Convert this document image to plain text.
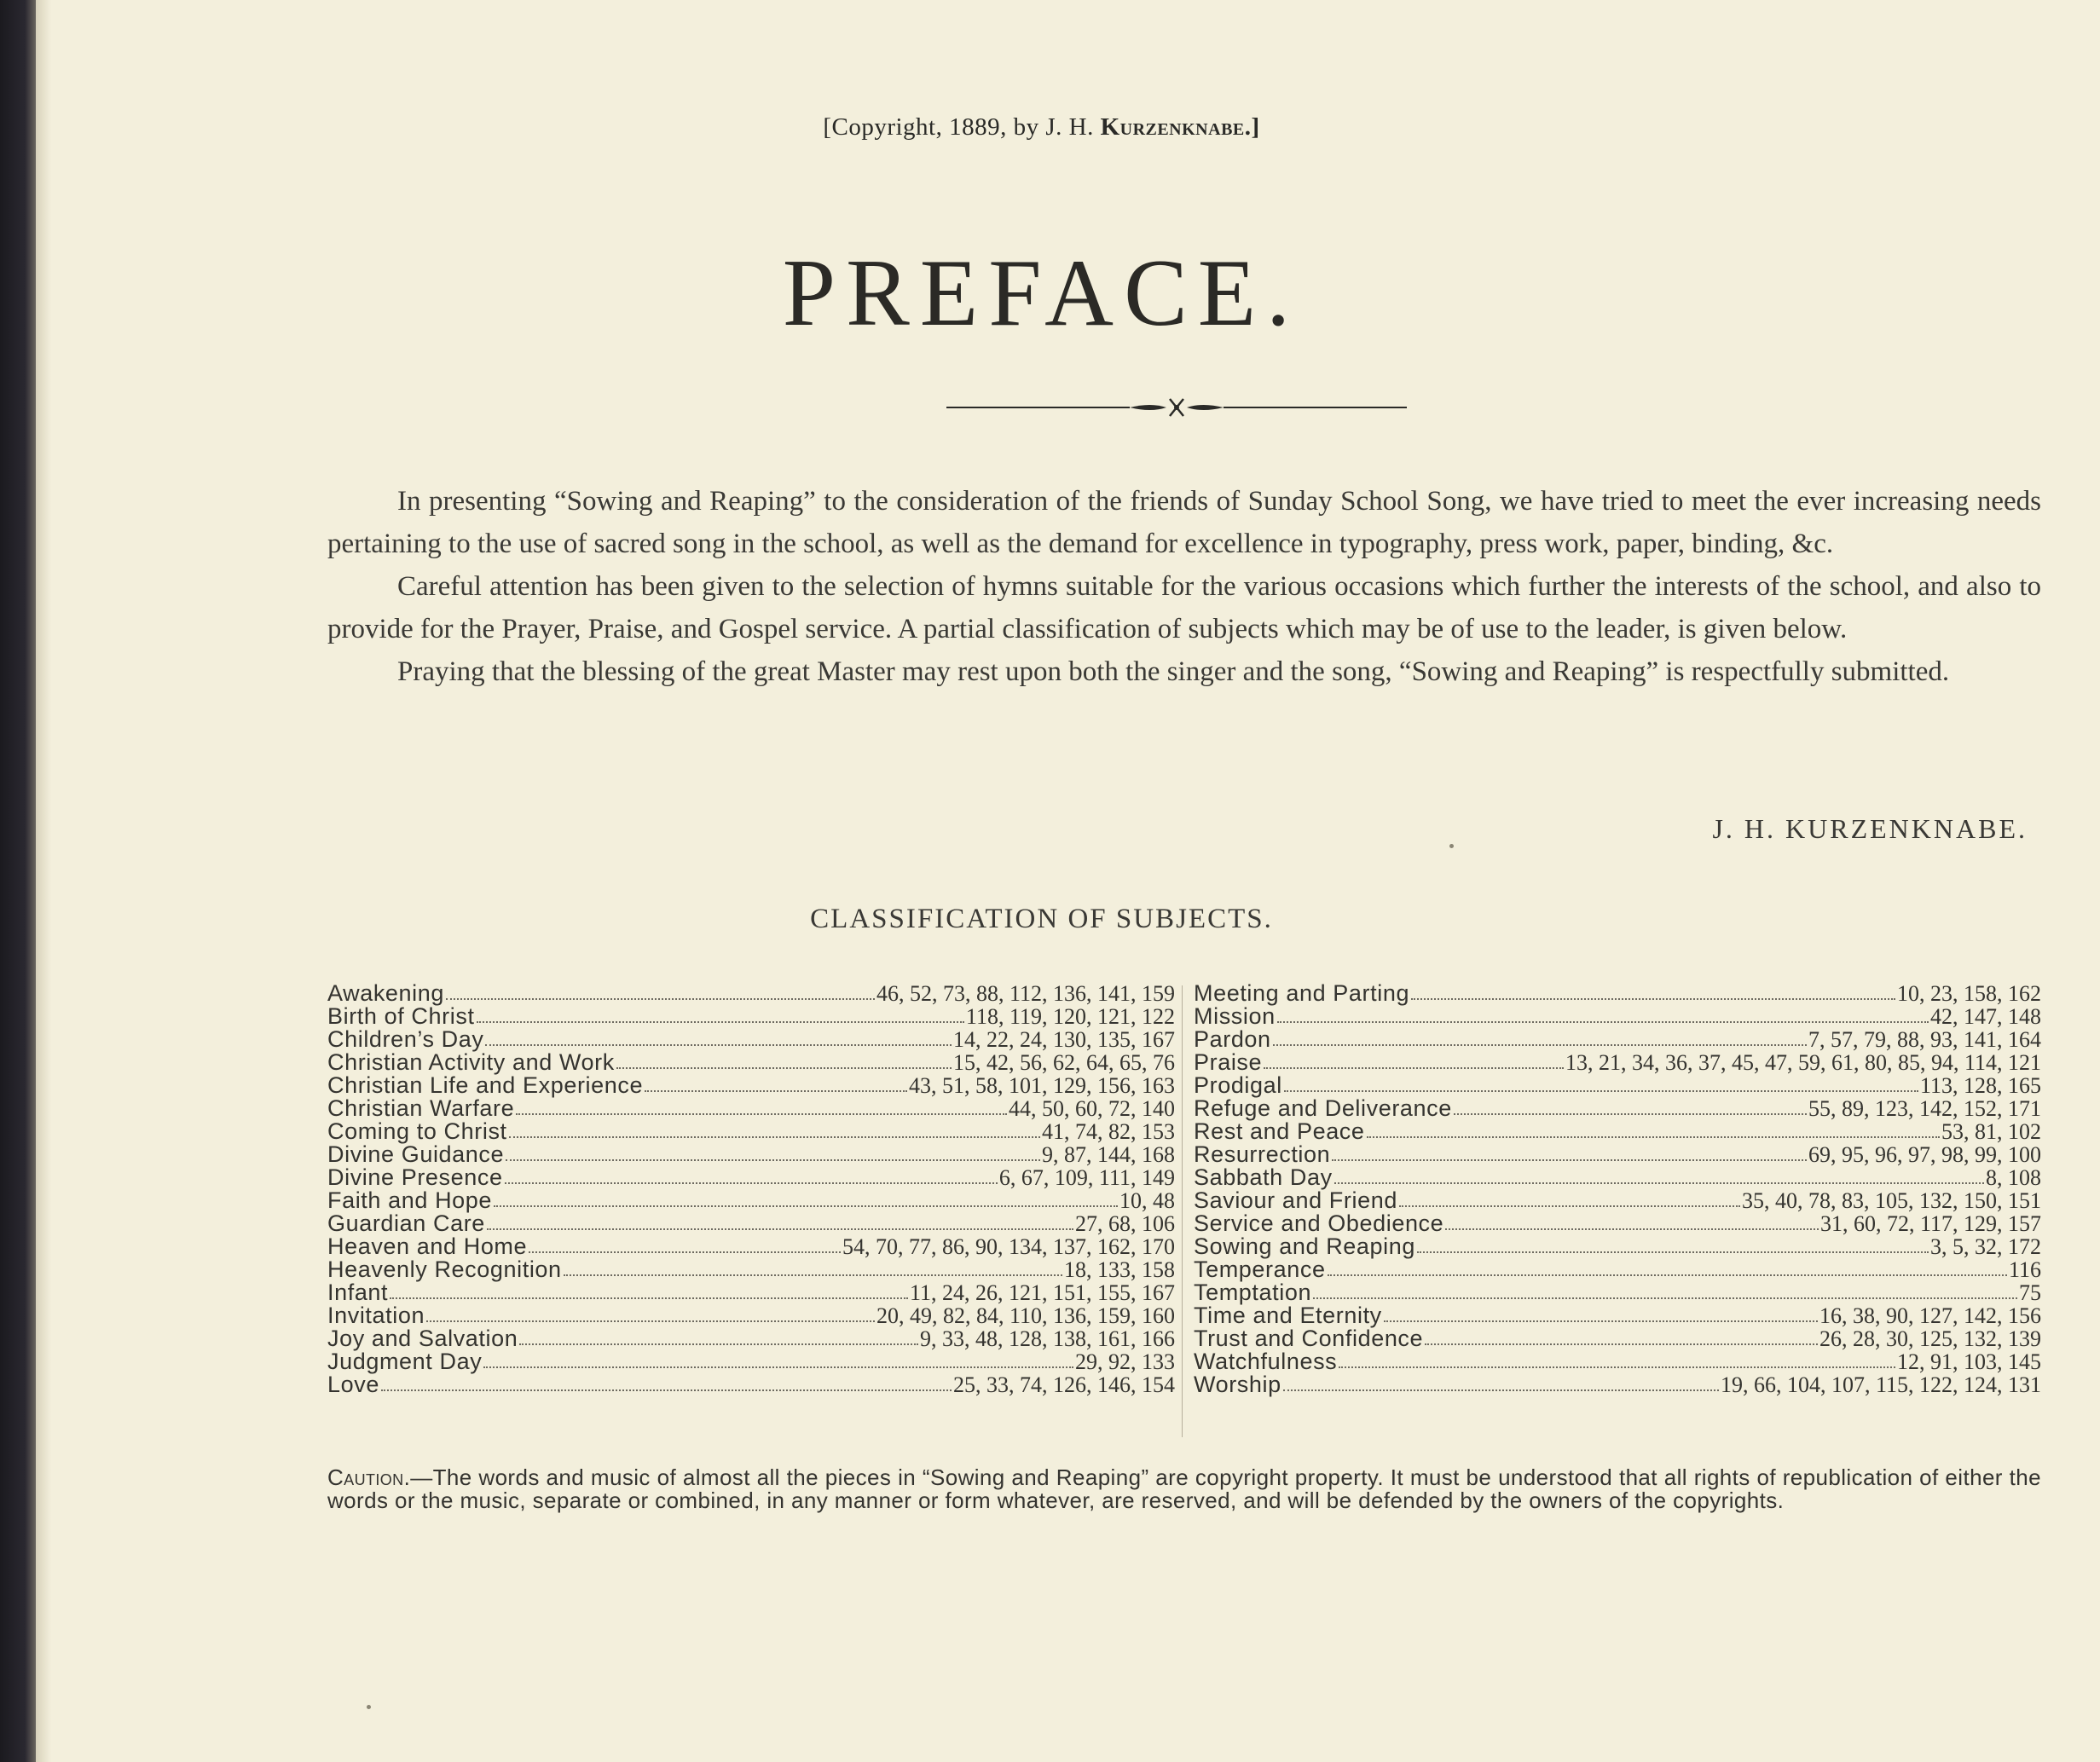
[Copyright, 1889, by J. H. Kurzenknabe.]
PREFACE.

In presenting “Sowing and Reaping” to the consideration of the friends of Sunday School Song, we have tried to meet the ever increasing needs pertaining to the use of sacred song in the school, as well as the demand for excellence in typography, press work, paper, binding, &c.

Careful attention has been given to the selection of hymns suitable for the various occasions which further the interests of the school, and also to provide for the Prayer, Praise, and Gospel service. A partial classification of subjects which may be of use to the leader, is given below.

Praying that the blessing of the great Master may rest upon both the singer and the song, “Sowing and Reaping” is respectfully submitted.

J. H. KURZENKNABE.
CLASSIFICATION OF SUBJECTS.
Awakening	46, 52, 73, 88, 112, 136, 141, 159
Birth of Christ	118, 119, 120, 121, 122
Children’s Day	14, 22, 24, 130, 135, 167
Christian Activity and Work	15, 42, 56, 62, 64, 65, 76
Christian Life and Experience	43, 51, 58, 101, 129, 156, 163
Christian Warfare	44, 50, 60, 72, 140
Coming to Christ	41, 74, 82, 153
Divine Guidance	9, 87, 144, 168
Divine Presence	6, 67, 109, 111, 149
Faith and Hope	10, 48
Guardian Care	27, 68, 106
Heaven and Home	54, 70, 77, 86, 90, 134, 137, 162, 170
Heavenly Recognition	18, 133, 158
Infant	11, 24, 26, 121, 151, 155, 167
Invitation	20, 49, 82, 84, 110, 136, 159, 160
Joy and Salvation	9, 33, 48, 128, 138, 161, 166
Judgment Day	29, 92, 133
Love	25, 33, 74, 126, 146, 154
Meeting and Parting	10, 23, 158, 162
Mission	42, 147, 148
Pardon	7, 57, 79, 88, 93, 141, 164
Praise	13, 21, 34, 36, 37, 45, 47, 59, 61, 80, 85, 94, 114, 121
Prodigal	113, 128, 165
Refuge and Deliverance	55, 89, 123, 142, 152, 171
Rest and Peace	53, 81, 102
Resurrection	69, 95, 96, 97, 98, 99, 100
Sabbath Day	8, 108
Saviour and Friend	35, 40, 78, 83, 105, 132, 150, 151
Service and Obedience	31, 60, 72, 117, 129, 157
Sowing and Reaping	3, 5, 32, 172
Temperance	116
Temptation	75
Time and Eternity	16, 38, 90, 127, 142, 156
Trust and Confidence	26, 28, 30, 125, 132, 139
Watchfulness	12, 91, 103, 145
Worship	19, 66, 104, 107, 115, 122, 124, 131
Caution.—The words and music of almost all the pieces in “Sowing and Reaping” are copyright property. It must be understood that all rights of republication of either the words or the music, separate or combined, in any manner or form whatever, are reserved, and will be defended by the owners of the copyrights.
